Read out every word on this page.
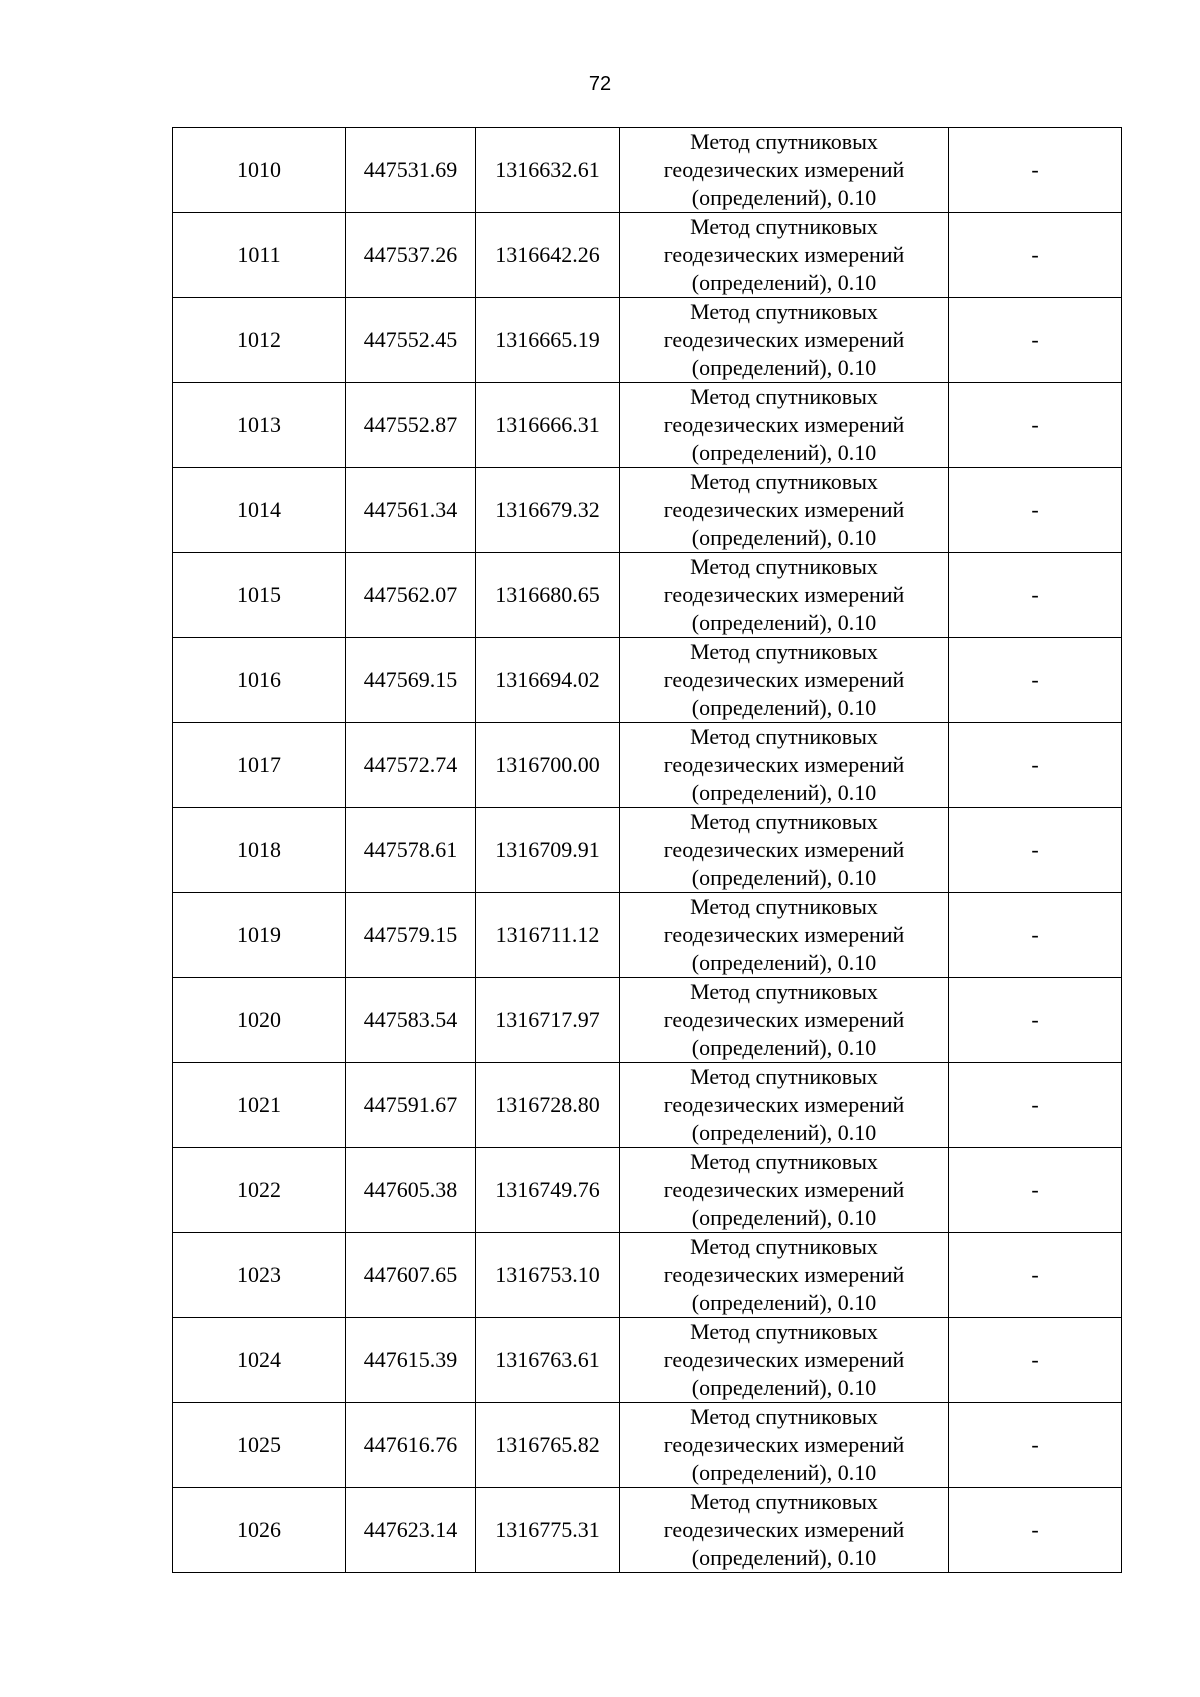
72
1010	447531.69	1316632.61	Метод спутниковых
геодезических измерений
(определений), 0.10	-
1011	447537.26	1316642.26	Метод спутниковых
геодезических измерений
(определений), 0.10	-
1012	447552.45	1316665.19	Метод спутниковых
геодезических измерений
(определений), 0.10	-
1013	447552.87	1316666.31	Метод спутниковых
геодезических измерений
(определений), 0.10	-
1014	447561.34	1316679.32	Метод спутниковых
геодезических измерений
(определений), 0.10	-
1015	447562.07	1316680.65	Метод спутниковых
геодезических измерений
(определений), 0.10	-
1016	447569.15	1316694.02	Метод спутниковых
геодезических измерений
(определений), 0.10	-
1017	447572.74	1316700.00	Метод спутниковых
геодезических измерений
(определений), 0.10	-
1018	447578.61	1316709.91	Метод спутниковых
геодезических измерений
(определений), 0.10	-
1019	447579.15	1316711.12	Метод спутниковых
геодезических измерений
(определений), 0.10	-
1020	447583.54	1316717.97	Метод спутниковых
геодезических измерений
(определений), 0.10	-
1021	447591.67	1316728.80	Метод спутниковых
геодезических измерений
(определений), 0.10	-
1022	447605.38	1316749.76	Метод спутниковых
геодезических измерений
(определений), 0.10	-
1023	447607.65	1316753.10	Метод спутниковых
геодезических измерений
(определений), 0.10	-
1024	447615.39	1316763.61	Метод спутниковых
геодезических измерений
(определений), 0.10	-
1025	447616.76	1316765.82	Метод спутниковых
геодезических измерений
(определений), 0.10	-
1026	447623.14	1316775.31	Метод спутниковых
геодезических измерений
(определений), 0.10	-
